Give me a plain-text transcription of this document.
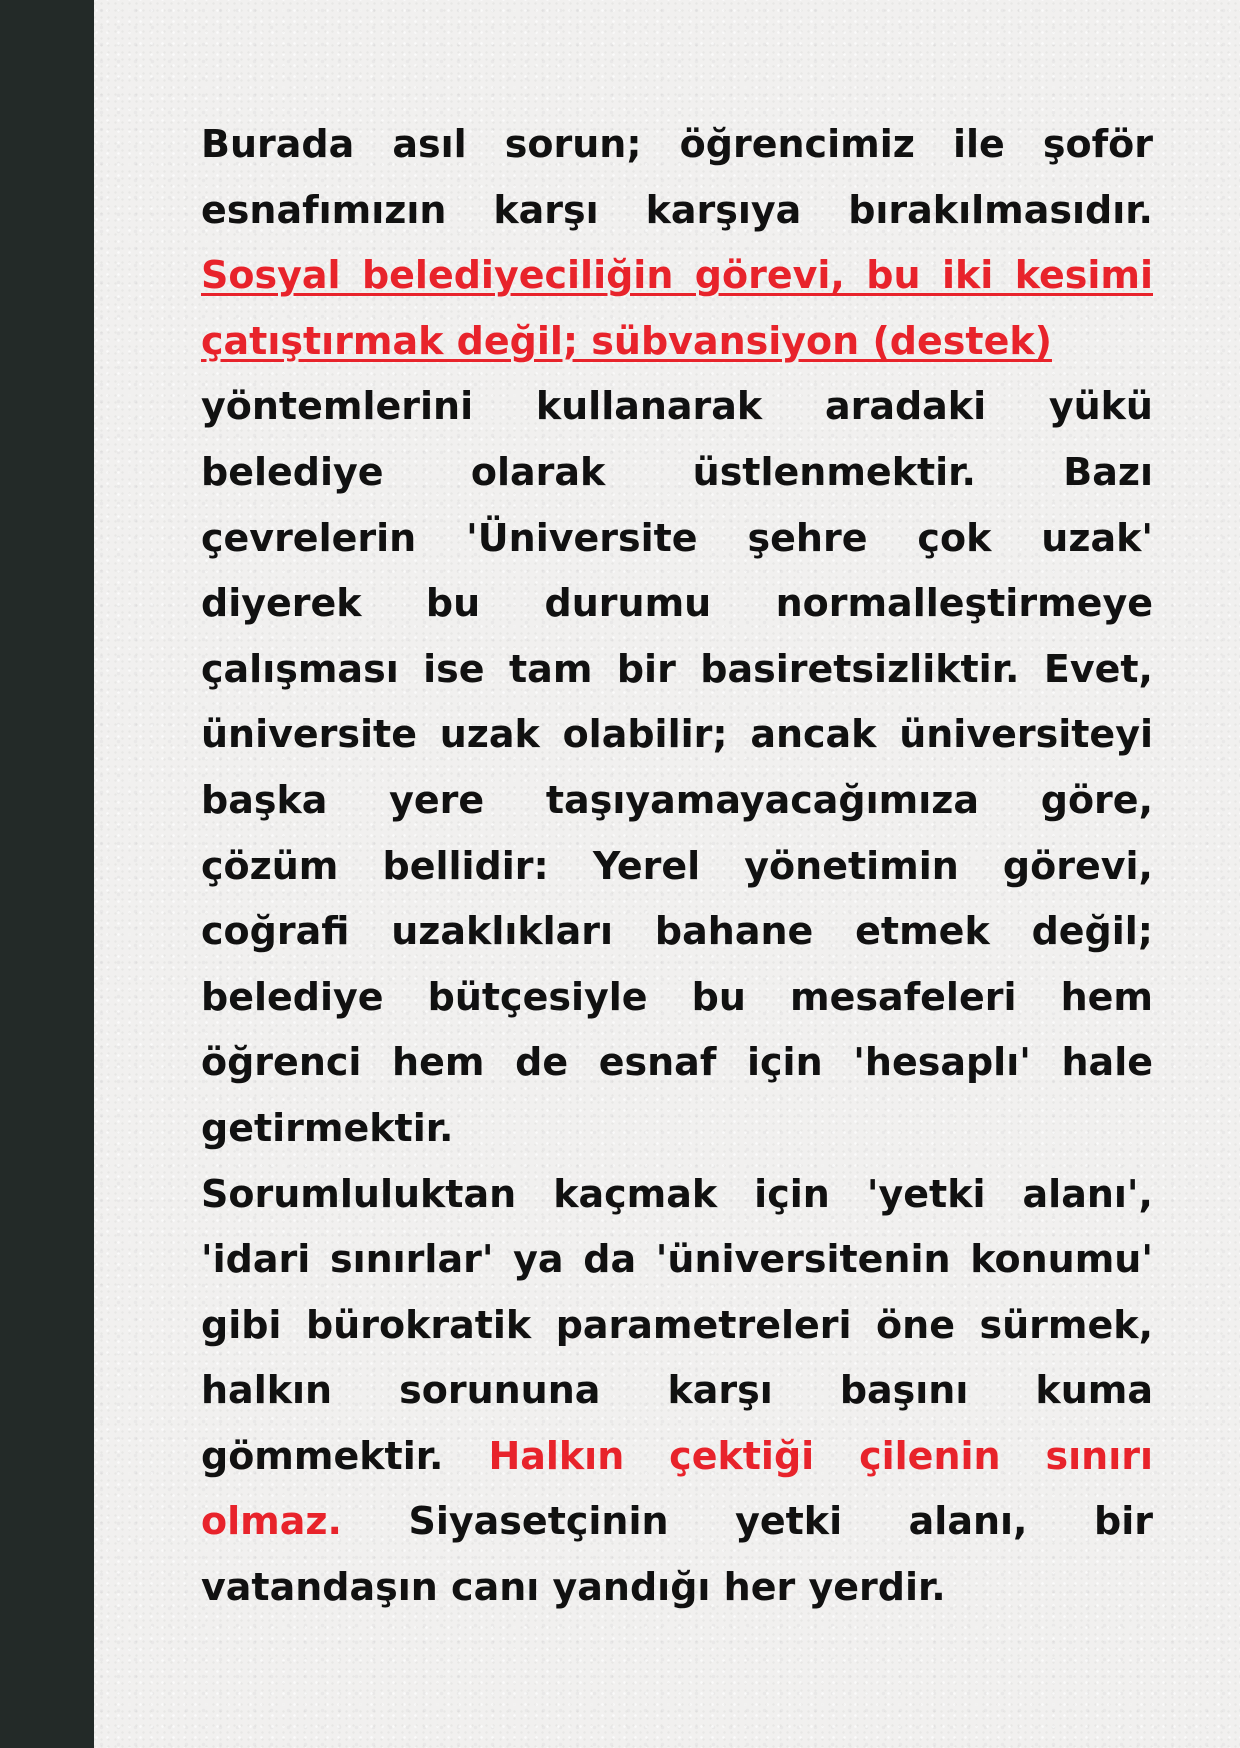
Burada asıl sorun; öğrencimiz ile şoför esnafımızın karşı karşıya bırakılmasıdır. Sosyal belediyeciliğin görevi, bu iki kesimi çatıştırmak değil; sübvansiyon (destek)
yöntemlerini kullanarak aradaki yükü belediye olarak üstlenmektir. Bazı çevrelerin 'Üniversite şehre çok uzak' diyerek bu durumu normalleştirmeye çalışması ise tam bir basiretsizliktir. Evet, üniversite uzak olabilir; ancak üniversiteyi başka yere taşıyamayacağımıza göre, çözüm bellidir: Yerel yönetimin görevi, coğrafi uzaklıkları bahane etmek değil; belediye bütçesiyle bu mesafeleri hem öğrenci hem de esnaf için 'hesaplı' hale getirmektir.

Sorumluluktan kaçmak için 'yetki alanı', 'idari sınırlar' ya da 'üniversitenin konumu' gibi bürokratik parametreleri öne sürmek, halkın sorununa karşı başını kuma gömmektir. Halkın çektiği çilenin sınırı olmaz. Siyasetçinin yetki alanı, bir vatandaşın canı yandığı her yerdir.
